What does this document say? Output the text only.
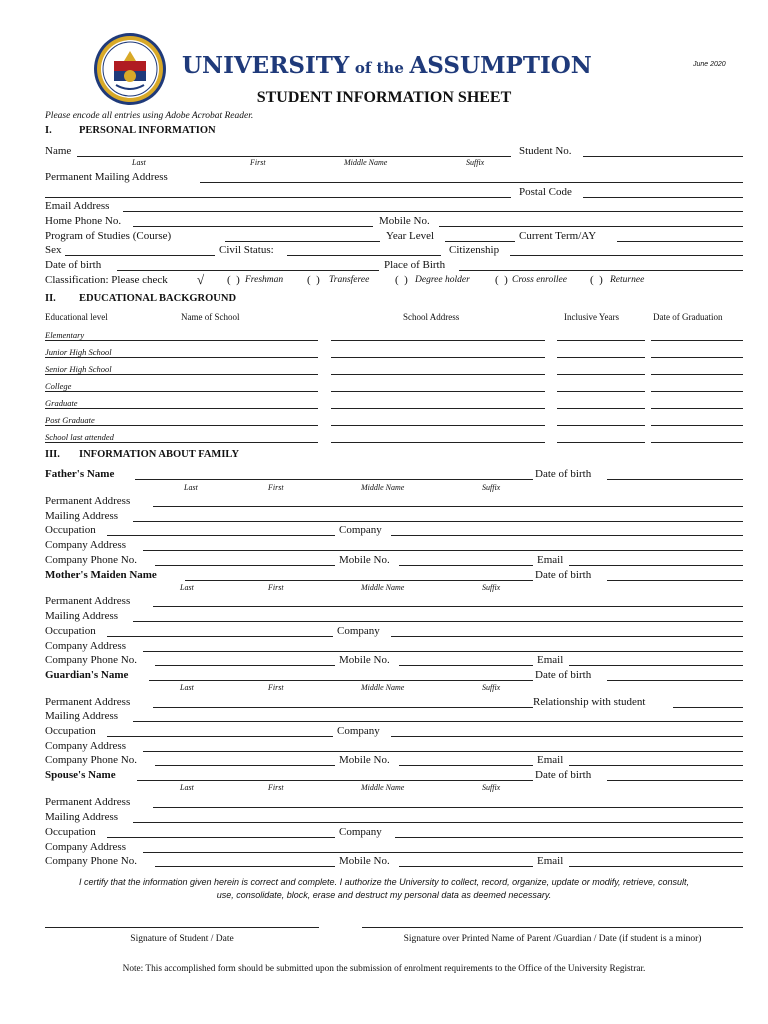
UNIVERSITY of the ASSUMPTION	June 2020
STUDENT INFORMATION SHEET
Please encode all entries using Adobe Acrobat Reader.
I.	PERSONAL INFORMATION
Name	Student No.
Last	First	Middle Name	Suffix
Permanent Mailing Address
Postal Code
Email Address
Home Phone No.	Mobile No.
Program of Studies (Course)	Year Level	Current Term/AY
Sex	Civil Status:	Citizenship
Date of birth	Place of Birth
Classification: Please check √ (  ) Freshman (  ) Transferee (  ) Degree holder (  ) Cross enrollee (  ) Returnee
II. EDUCATIONAL BACKGROUND
Educational level	Name of School	School Address	Inclusive Years	Date of Graduation
Elementary
Junior High School
Senior High School
College
Graduate
Post Graduate
School last attended
III. INFORMATION ABOUT FAMILY
Father's Name	Date of birth
Last	First	Middle Name	Suffix
Permanent Address
Mailing Address
Occupation	Company
Company Address
Company Phone No.	Mobile No.	Email
Mother's Maiden Name	Date of birth
Last	First	Middle Name	Suffix
Permanent Address
Mailing Address
Occupation	Company
Company Address
Company Phone No.	Mobile No.	Email
Guardian's Name	Date of birth
Last	First	Middle Name	Suffix
Permanent Address	Relationship with student
Mailing Address
Occupation	Company
Company Address
Company Phone No.	Mobile No.	Email
Spouse's Name	Date of birth
Last	First	Middle Name	Suffix
Permanent Address
Mailing Address
Occupation	Company
Company Address
Company Phone No.	Mobile No.	Email
I certify that the information given herein is correct and complete. I authorize the University to collect, record, organize, update or modify, retrieve, consult, use, consolidate, block, erase and destruct my personal data as deemed necessary.
Signature of Student / Date	Signature over Printed Name of Parent /Guardian / Date (if student is a minor)
Note: This accomplished form should be submitted upon the submission of enrolment requirements to the Office of the University Registrar.
